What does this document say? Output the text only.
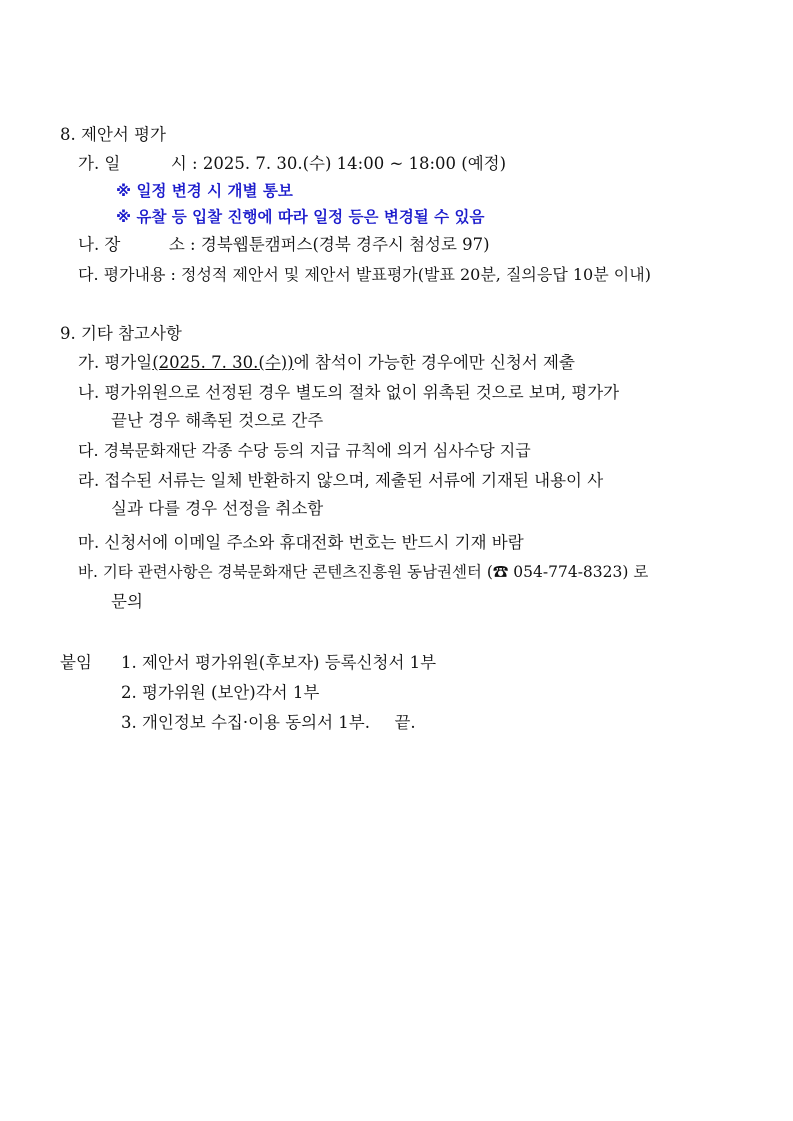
8. 제안서 평가
가. 일	시 : 2025. 7. 30.(수) 14:00 ~ 18:00 (예정)
※ 일정 변경 시 개별 통보
※ 유찰 등 입찰 진행에 따라 일정 등은 변경될 수 있음
나. 장	소 : 경북웹툰캠퍼스(경북 경주시 첨성로 97)
다. 평가내용 : 정성적 제안서 및 제안서 발표평가(발표 20분, 질의응답 10분 이내)
9. 기타 참고사항
가. 평가일(2025. 7. 30.(수))에 참석이 가능한 경우에만 신청서 제출
나. 평가위원으로 선정된 경우 별도의 절차 없이 위촉된 것으로 보며, 평가가
끝난 경우 해촉된 것으로 간주
다. 경북문화재단 각종 수당 등의 지급 규칙에 의거 심사수당 지급
라. 접수된 서류는 일체 반환하지 않으며, 제출된 서류에 기재된 내용이 사
실과 다를 경우 선정을 취소함
마. 신청서에 이메일 주소와 휴대전화 번호는 반드시 기재 바람
바. 기타 관련사항은 경북문화재단 콘텐츠진흥원 동남권센터 (☎ 054-774-8323) 로
문의
붙임 1. 제안서 평가위원(후보자) 등록신청서 1부
2. 평가위원 (보안)각서 1부
3. 개인정보 수집·이용 동의서 1부. 끝.
